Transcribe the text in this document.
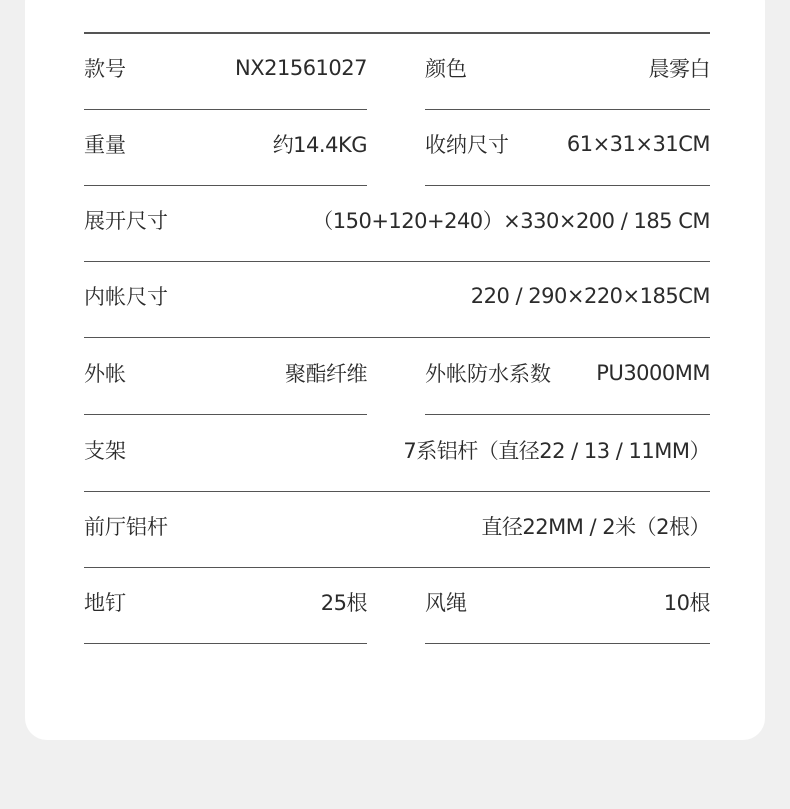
款号	NX21561027	颜色	晨雾白
重量	约14.4KG	收纳尺寸	61×31×31CM
展开尺寸	（150+120+240）×330×200 / 185 CM
内帐尺寸	220 / 290×220×185CM
外帐	聚酯纤维	外帐防水系数 PU3000MM
支架	7系铝杆（直径22 / 13 / 11MM）
前厅铝杆	直径22MM / 2米（2根）
地钉	25根	风绳	10根
